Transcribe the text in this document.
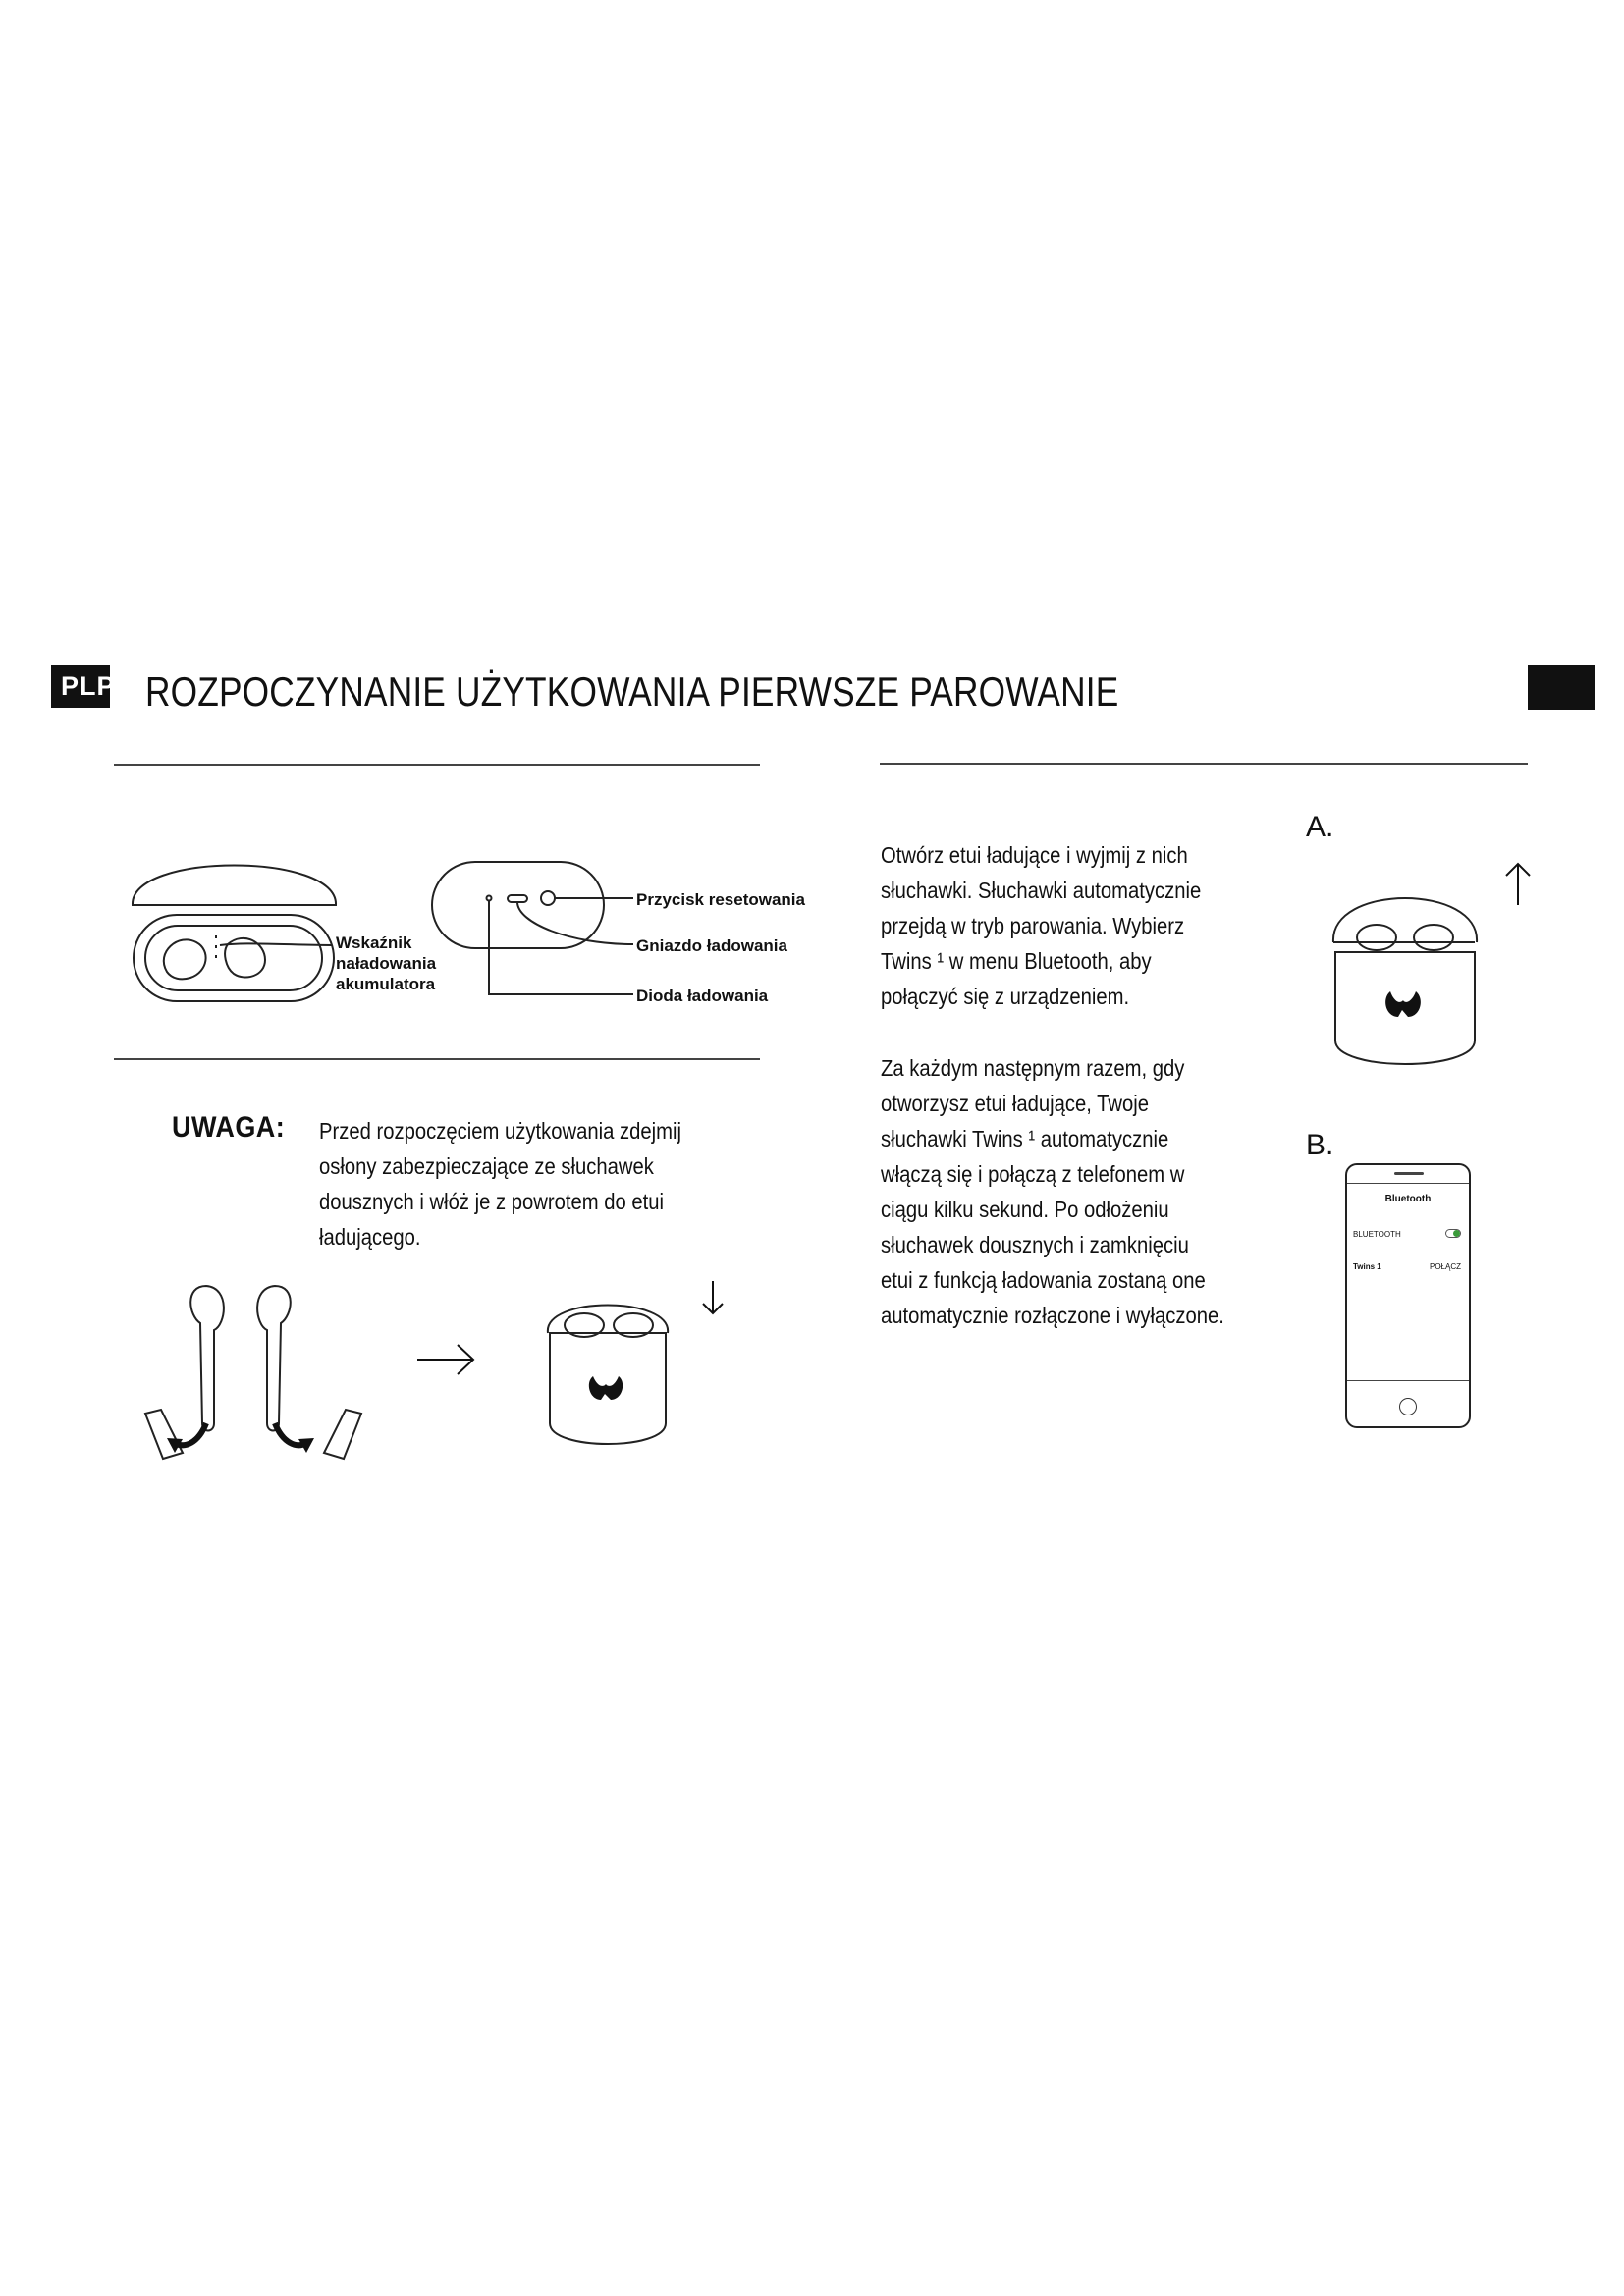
PLPL ROZPOCZYNANIE UŻYTKOWANIA PIERWSZE PAROWANIE
Wskaźnik
naładowania
akumulatora
Przycisk resetowania
Gniazdo ładowania
Dioda ładowania
UWAGA: Przed rozpoczęciem użytkowania zdejmij
osłony zabezpieczające ze słuchawek
dousznych i włóż je z powrotem do etui
ładującego.
Otwórz etui ładujące i wyjmij z nich
słuchawki. Słuchawki automatycznie
przejdą w tryb parowania. Wybierz
Twins ¹ w menu Bluetooth, aby
połączyć się z urządzeniem.
Za każdym następnym razem, gdy
otworzysz etui ładujące, Twoje
słuchawki Twins ¹ automatycznie
włączą się i połączą z telefonem w
ciągu kilku sekund. Po odłożeniu
słuchawek dousznych i zamknięciu
etui z funkcją ładowania zostaną one
automatycznie rozłączone i wyłączone.
A.
B.
Bluetooth
BLUETOOTH
Twins 1	POŁĄCZ
